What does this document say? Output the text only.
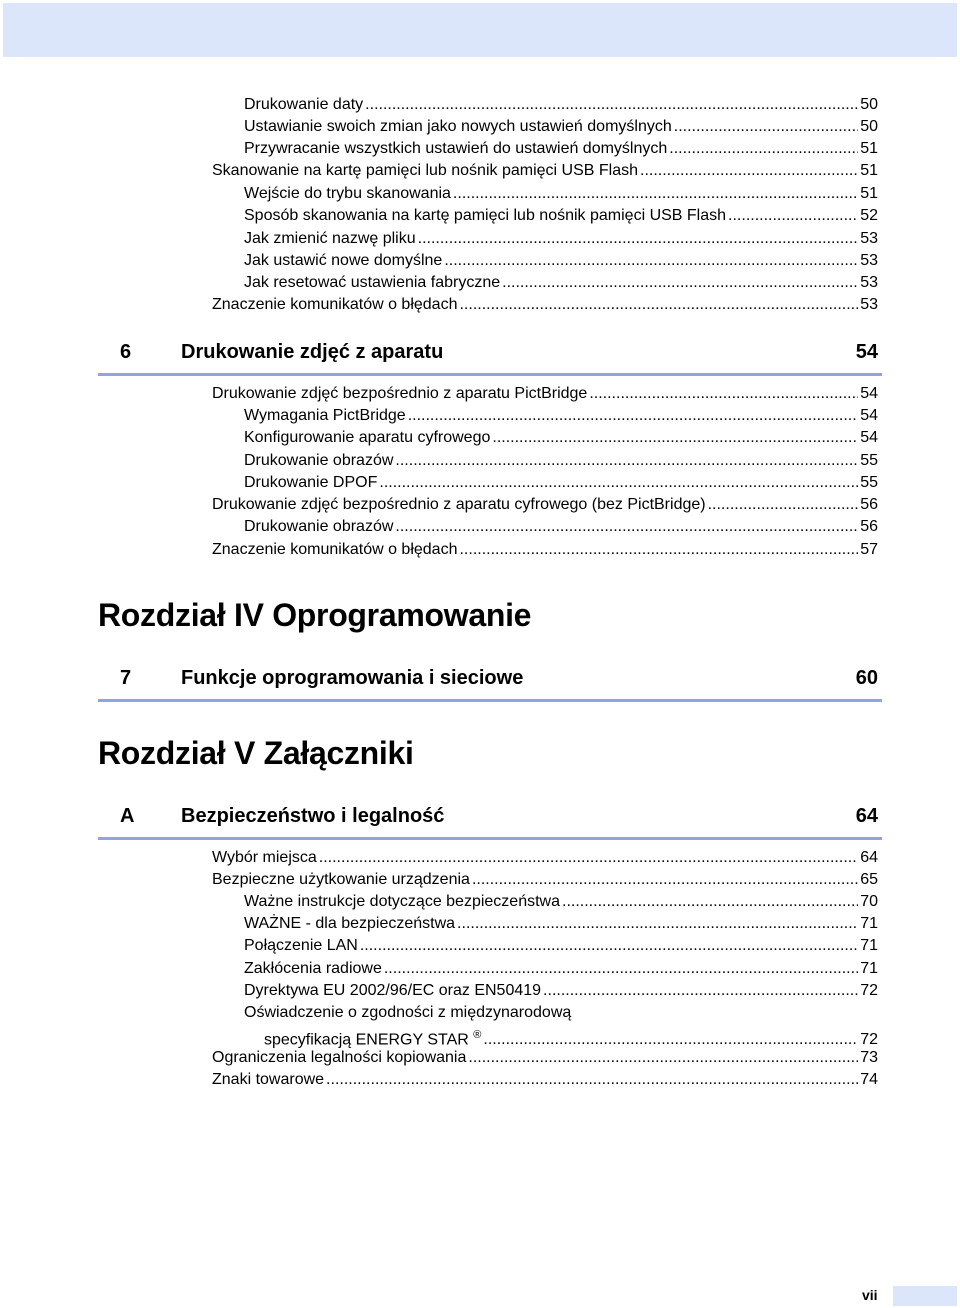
Drukowanie daty .....	50
Ustawianie swoich zmian jako nowych ustawień domyślnych .....	50
Przywracanie wszystkich ustawień do ustawień domyślnych .....	51
Skanowanie na kartę pamięci lub nośnik pamięci USB Flash .....	51
Wejście do trybu skanowania .....	51
Sposób skanowania na kartę pamięci lub nośnik pamięci USB Flash .....	52
Jak zmienić nazwę pliku .....	53
Jak ustawić nowe domyślne .....	53
Jak resetować ustawienia fabryczne .....	53
Znaczenie komunikatów o błędach .....	53
6 Drukowanie zdjęć z aparatu	54
Drukowanie zdjęć bezpośrednio z aparatu PictBridge .....	54
Wymagania PictBridge .....	54
Konfigurowanie aparatu cyfrowego .....	54
Drukowanie obrazów .....	55
Drukowanie DPOF .....	55
Drukowanie zdjęć bezpośrednio z aparatu cyfrowego (bez PictBridge) .....	56
Drukowanie obrazów .....	56
Znaczenie komunikatów o błędach .....	57
Rozdział IV Oprogramowanie
7 Funkcje oprogramowania i sieciowe	60
Rozdział V Załączniki
A Bezpieczeństwo i legalność	64
Wybór miejsca .....	64
Bezpieczne użytkowanie urządzenia .....	65
Ważne instrukcje dotyczące bezpieczeństwa .....	70
WAŻNE - dla bezpieczeństwa .....	71
Połączenie LAN .....	71
Zakłócenia radiowe .....	71
Dyrektywa EU 2002/96/EC oraz EN50419 .....	72
Oświadczenie o zgodności z międzynarodową
specyfikacją ENERGY STAR ® .....	72
Ograniczenia legalności kopiowania .....	73
Znaki towarowe .....	74
vii
